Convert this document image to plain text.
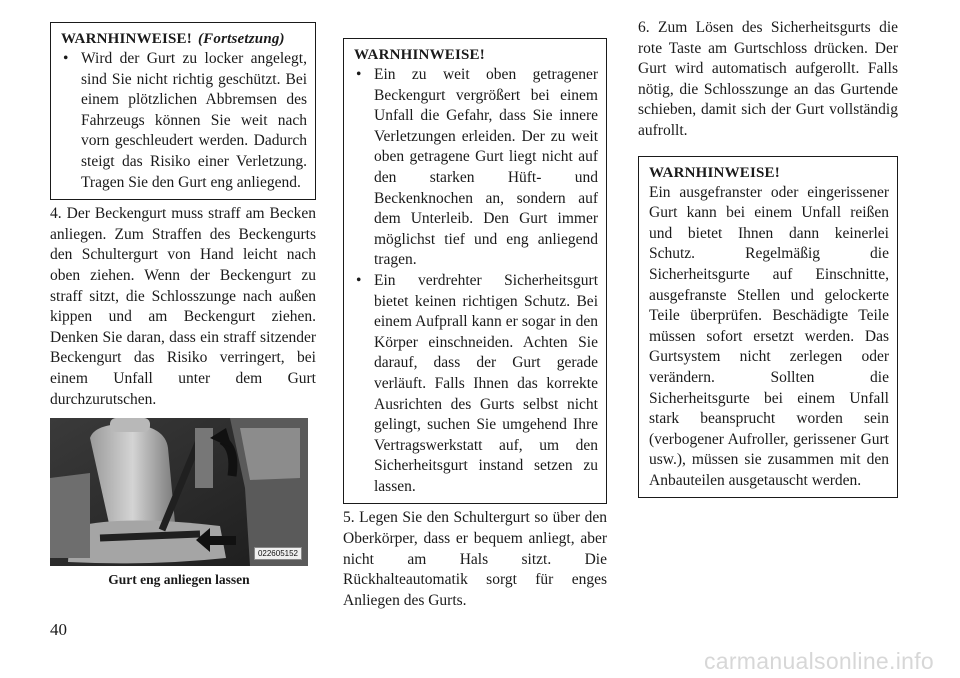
WARNHINWEISE! (Fortsetzung)
• Wird der Gurt zu locker angelegt, sind Sie nicht richtig geschützt. Bei einem plötzlichen Abbremsen des Fahrzeugs können Sie weit nach vorn geschleudert werden. Dadurch steigt das Risiko einer Verletzung. Tragen Sie den Gurt eng anliegend.

4. Der Beckengurt muss straff am Becken anliegen. Zum Straffen des Beckengurts den Schultergurt von Hand leicht nach oben ziehen. Wenn der Beckengurt zu straff sitzt, die Schlosszunge nach außen kippen und am Beckengurt ziehen. Denken Sie daran, dass ein straff sitzender Beckengurt das Risiko verringert, bei einem Unfall unter dem Gurt durchzurutschen.

022605152
Gurt eng anliegen lassen
WARNHINWEISE!
• Ein zu weit oben getragener Beckengurt vergrößert bei einem Unfall die Gefahr, dass Sie innere Verletzungen erleiden. Der zu weit oben getragene Gurt liegt nicht auf den starken Hüft- und Beckenknochen an, sondern auf dem Unterleib. Den Gurt immer möglichst tief und eng anliegend tragen.
• Ein verdrehter Sicherheitsgurt bietet keinen richtigen Schutz. Bei einem Aufprall kann er sogar in den Körper einschneiden. Achten Sie darauf, dass der Gurt gerade verläuft. Falls Ihnen das korrekte Ausrichten des Gurts selbst nicht gelingt, suchen Sie umgehend Ihre Vertragswerkstatt auf, um den Sicherheitsgurt instand setzen zu lassen.

5. Legen Sie den Schultergurt so über den Oberkörper, dass er bequem anliegt, aber nicht am Hals sitzt. Die Rückhalteautomatik sorgt für enges Anliegen des Gurts.

6. Zum Lösen des Sicherheitsgurts die rote Taste am Gurtschloss drücken. Der Gurt wird automatisch aufgerollt. Falls nötig, die Schlosszunge an das Gurtende schieben, damit sich der Gurt vollständig aufrollt.

WARNHINWEISE!

Ein ausgefranster oder eingerissener Gurt kann bei einem Unfall reißen und bietet Ihnen dann keinerlei Schutz. Regelmäßig die Sicherheitsgurte auf Einschnitte, ausgefranste Stellen und gelockerte Teile überprüfen. Beschädigte Teile müssen sofort ersetzt werden. Das Gurtsystem nicht zerlegen oder verändern. Sollten die Sicherheitsgurte bei einem Unfall stark beansprucht worden sein (verbogener Aufroller, gerissener Gurt usw.), müssen sie zusammen mit den Anbauteilen ausgetauscht werden.

40
carmanualsonline.info
